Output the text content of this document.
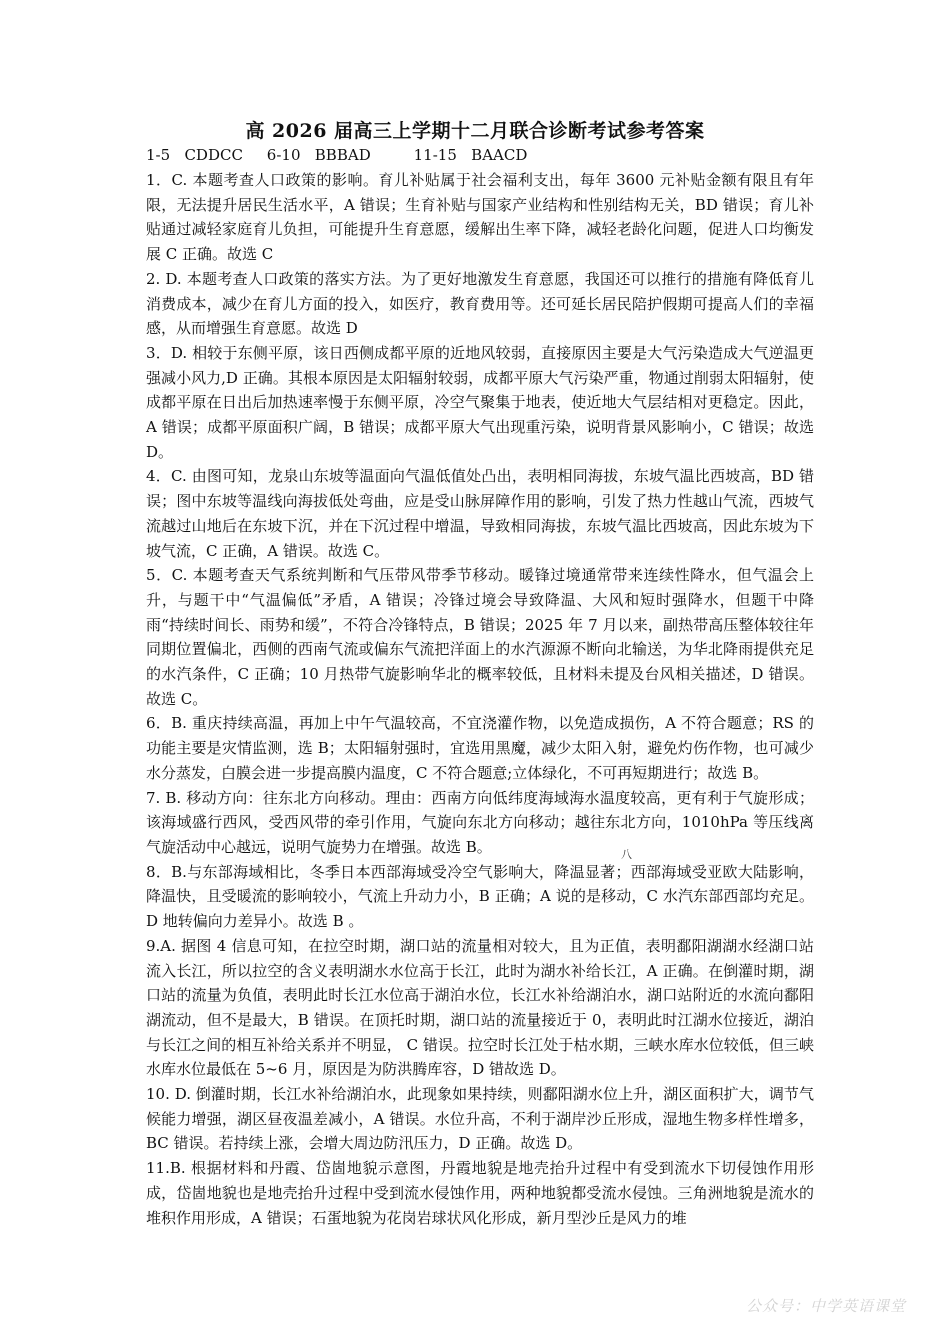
高 2026 届高三上学期十二月联合诊断考试参考答案
1-5   CDDCC     6-10   BBBAD         11-15   BAACD

1．C. 本题考查人口政策的影响。育儿补贴属于社会福利支出，每年 3600 元补贴金额有限且有年限，无法提升居民生活水平，A 错误；生育补贴与国家产业结构和性别结构无关，BD 错误；育儿补贴通过减轻家庭育儿负担，可能提升生育意愿，缓解出生率下降，减轻老龄化问题，促进人口均衡发展 C 正确。故选 C

2. D. 本题考查人口政策的落实方法。为了更好地激发生育意愿，我国还可以推行的措施有降低育儿消费成本，减少在育儿方面的投入，如医疗，教育费用等。还可延长居民陪护假期可提高人们的幸福感，从而增强生育意愿。故选 D

3．D. 相较于东侧平原，该日西侧成都平原的近地风较弱，直接原因主要是大气污染造成大气逆温更强减小风力,D 正确。其根本原因是太阳辐射较弱，成都平原大气污染严重，物通过削弱太阳辐射，使成都平原在日出后加热速率慢于东侧平原，冷空气聚集于地表，使近地大气层结相对更稳定。因此，A 错误；成都平原面积广阔，B 错误；成都平原大气出现重污染，说明背景风影响小，C 错误；故选 D。

4．C. 由图可知，龙泉山东坡等温面向气温低值处凸出，表明相同海拔，东坡气温比西坡高，BD 错误；图中东坡等温线向海拔低处弯曲，应是受山脉屏障作用的影响，引发了热力性越山气流，西坡气流越过山地后在东坡下沉，并在下沉过程中增温，导致相同海拔，东坡气温比西坡高，因此东坡为下坡气流，C 正确，A 错误。故选 C。

5．C. 本题考查天气系统判断和气压带风带季节移动。暖锋过境通常带来连续性降水，但气温会上升，与题干中“气温偏低”矛盾，A 错误；冷锋过境会导致降温、大风和短时强降水，但题干中降雨“持续时间长、雨势和缓”，不符合冷锋特点，B 错误；2025 年 7 月以来，副热带高压整体较往年同期位置偏北，西侧的西南气流或偏东气流把洋面上的水汽源源不断向北输送，为华北降雨提供充足的水汽条件，C 正确；10 月热带气旋影响华北的概率较低，且材料未提及台风相关描述，D 错误。故选 C。

6．B. 重庆持续高温，再加上中午气温较高，不宜浇灌作物，以免造成损伤，A 不符合题意；RS 的功能主要是灾情监测，选 B；太阳辐射强时，宜选用黑魔，减少太阳入射，避免灼伤作物，也可减少水分蒸发，白膜会进一步提高膜内温度，C 不符合题意;立体绿化，不可再短期进行；故选 B。

7. B. 移动方向：往东北方向移动。理由：西南方向低纬度海域海水温度较高，更有利于气旋形成；该海域盛行西风，受西风带的牵引作用，气旋向东北方向移动；越往东北方向，1010hPa 等压线离气旋活动中心越远，说明气旋势力在增强。故选 B。

8．B.与东部海域相比，冬季日本西部海域受冷空气影响大，降温显著；西部海域受亚欧大陆影响，降温快，且受暖流的影响较小，气流上升动力小，B 正确；A 说的是移动，C 水汽东部西部均充足。D 地转偏向力差异小。故选 B 。

9.A. 据图 4 信息可知，在拉空时期，湖口站的流量相对较大，且为正值，表明鄱阳湖湖水经湖口站流入长江，所以拉空的含义表明湖水水位高于长江，此时为湖水补给长江，A 正确。在倒灌时期，湖口站的流量为负值，表明此时长江水位高于湖泊水位，长江水补给湖泊水，湖口站附近的水流向鄱阳湖流动，但不是最大，B 错误。在顶托时期，湖口站的流量接近于 0，表明此时江湖水位接近，湖泊与长江之间的相互补给关系并不明显， C 错误。拉空时长江处于枯水期，三峡水库水位较低，但三峡水库水位最低在 5~6 月，原因是为防洪腾库容，D 错故选 D。

10. D. 倒灌时期，长江水补给湖泊水，此现象如果持续，则鄱阳湖水位上升，湖区面积扩大，调节气候能力增强，湖区昼夜温差减小，A 错误。水位升高，不利于湖岸沙丘形成，湿地生物多样性增多， BC 错误。若持续上涨，会增大周边防汛压力，D 正确。故选 D。

11.B. 根据材料和丹霞、岱崮地貌示意图，丹霞地貌是地壳抬升过程中有受到流水下切侵蚀作用形成，岱崮地貌也是地壳抬升过程中受到流水侵蚀作用，两种地貌都受流水侵蚀。三角洲地貌是流水的堆积作用形成，A 错误；石蛋地貌为花岗岩球状风化形成，新月型沙丘是风力的堆

八
公众号：中学英语课堂
